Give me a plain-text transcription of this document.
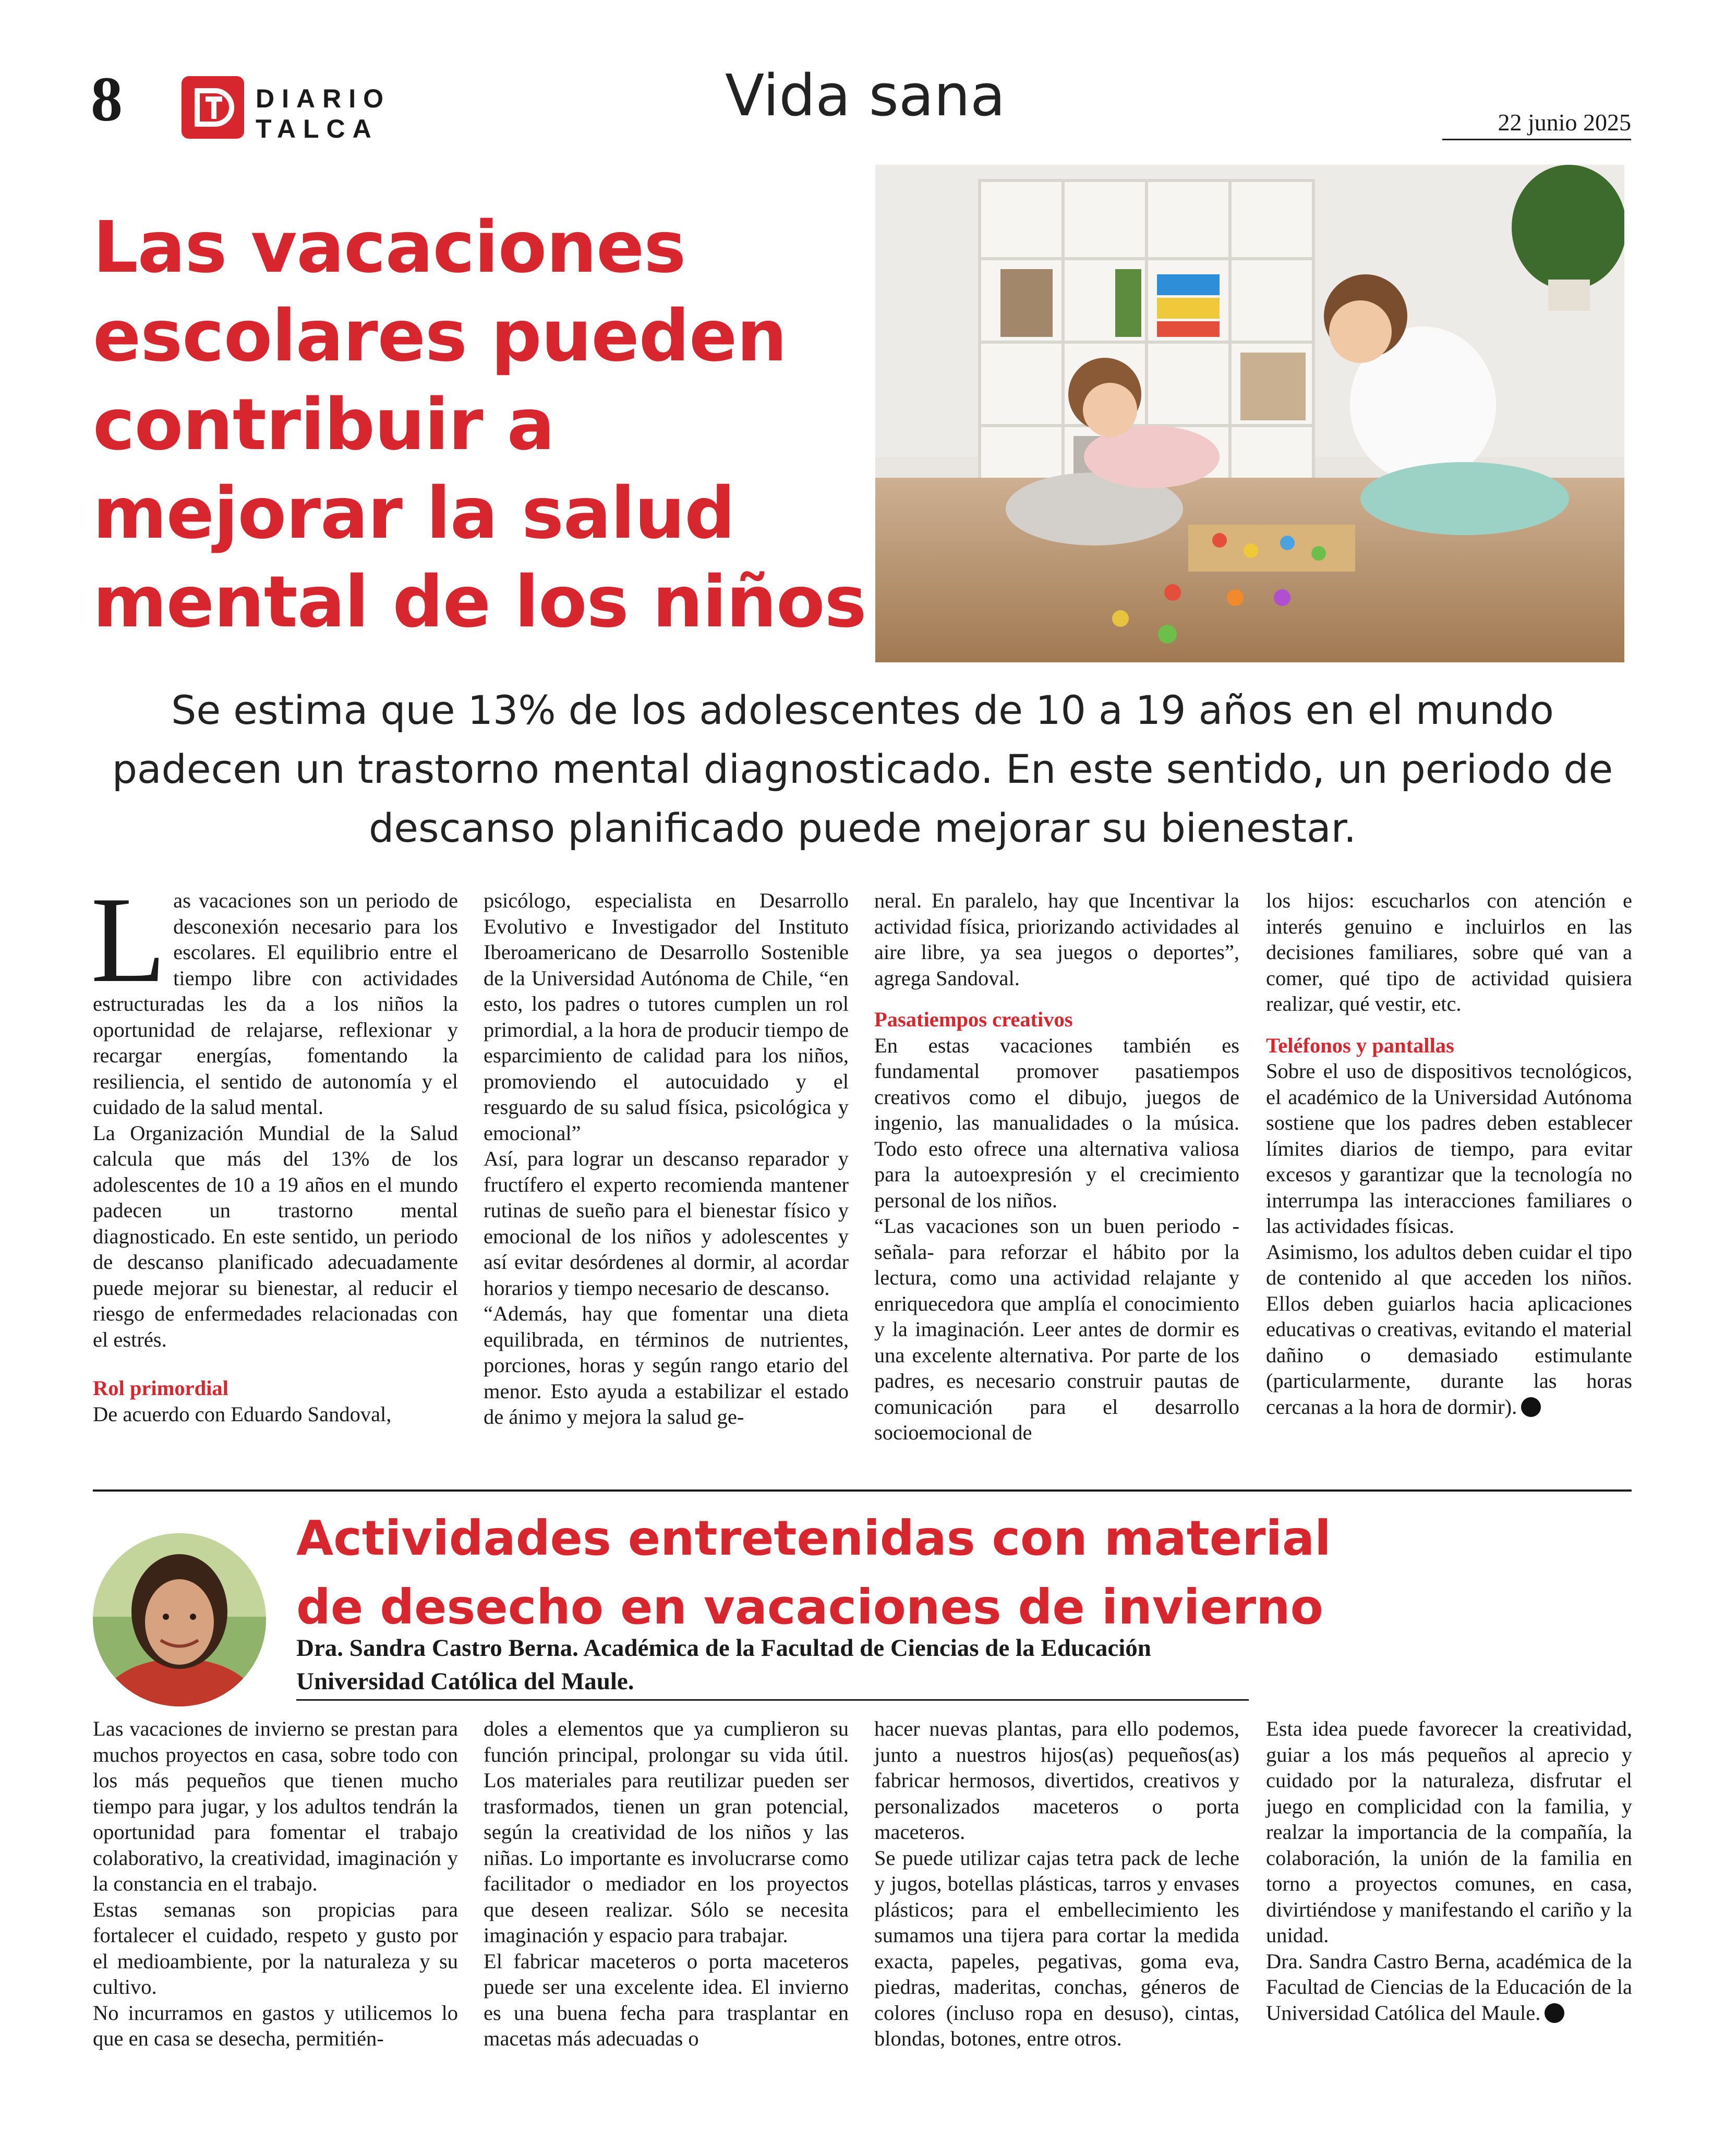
8	DIARIO
TALCA	Vida sana	22 junio 2025
Las vacaciones escolares pueden contribuir a mejorar la salud mental de los niños
Se estima que 13% de los adolescentes de 10 a 19 años en el mundo padecen un trastorno mental diagnosticado. En este sentido, un periodo de descanso planificado puede mejorar su bienestar.

Las vacaciones son un periodo de desconexión necesario para los escolares. El equilibrio entre el tiempo libre con actividades estructuradas les da a los niños la oportunidad de relajarse, reflexionar y recargar energías, fomentando la resiliencia, el sentido de autonomía y el cuidado de la salud mental.

La Organización Mundial de la Salud calcula que más del 13% de los adolescentes de 10 a 19 años en el mundo padecen un trastorno mental diagnosticado. En este sentido, un periodo de descanso planificado adecuadamente puede mejorar su bienestar, al reducir el riesgo de enfermedades relacionadas con el estrés.

Rol primordial

De acuerdo con Eduardo Sandoval,

psicólogo, especialista en Desarrollo Evolutivo e Investigador del Instituto Iberoamericano de Desarrollo Sostenible de la Universidad Autónoma de Chile, “en esto, los padres o tutores cumplen un rol primordial, a la hora de producir tiempo de esparcimiento de calidad para los niños, promoviendo el autocuidado y el resguardo de su salud física, psicológica y emocional”

Así, para lograr un descanso reparador y fructífero el experto recomienda mantener rutinas de sueño para el bienestar físico y emocional de los niños y adolescentes y así evitar desórdenes al dormir, al acordar horarios y tiempo necesario de descanso.

“Además, hay que fomentar una dieta equilibrada, en términos de nutrientes, porciones, horas y según rango etario del menor. Esto ayuda a estabilizar el estado de ánimo y mejora la salud ge-

neral. En paralelo, hay que Incentivar la actividad física, priorizando actividades al aire libre, ya sea juegos o deportes”, agrega Sandoval.

Pasatiempos creativos

En estas vacaciones también es fundamental promover pasatiempos creativos como el dibujo, juegos de ingenio, las manualidades o la música. Todo esto ofrece una alternativa valiosa para la autoexpresión y el crecimiento personal de los niños.

“Las vacaciones son un buen periodo -señala- para reforzar el hábito por la lectura, como una actividad relajante y enriquecedora que amplía el conocimiento y la imaginación. Leer antes de dormir es una excelente alternativa. Por parte de los padres, es necesario construir pautas de comunicación para el desarrollo socioemocional de

los hijos: escucharlos con atención e interés genuino e incluirlos en las decisiones familiares, sobre qué van a comer, qué tipo de actividad quisiera realizar, qué vestir, etc.

Teléfonos y pantallas

Sobre el uso de dispositivos tecnológicos, el académico de la Universidad Autónoma sostiene que los padres deben establecer límites diarios de tiempo, para evitar excesos y garantizar que la tecnología no interrumpa las interacciones familiares o las actividades físicas.

Asimismo, los adultos deben cuidar el tipo de contenido al que acceden los niños. Ellos deben guiarlos hacia aplicaciones educativas o creativas, evitando el material dañino o demasiado estimulante (particularmente, durante las horas cercanas a la hora de dormir).

Actividades entretenidas con material
de desecho en vacaciones de invierno
Dra. Sandra Castro Berna. Académica de la Facultad de Ciencias de la Educación
Universidad Católica del Maule.

Las vacaciones de invierno se prestan para muchos proyectos en casa, sobre todo con los más pequeños que tienen mucho tiempo para jugar, y los adultos tendrán la oportunidad para fomentar el trabajo colaborativo, la creatividad, imaginación y la constancia en el trabajo.

Estas semanas son propicias para fortalecer el cuidado, respeto y gusto por el medioambiente, por la naturaleza y su cultivo.

No incurramos en gastos y utilicemos lo que en casa se desecha, permitién-

doles a elementos que ya cumplieron su función principal, prolongar su vida útil. Los materiales para reutilizar pueden ser trasformados, tienen un gran potencial, según la creatividad de los niños y las niñas. Lo importante es involucrarse como facilitador o mediador en los proyectos que deseen realizar. Sólo se necesita imaginación y espacio para trabajar.

El fabricar maceteros o porta maceteros puede ser una excelente idea. El invierno es una buena fecha para trasplantar en macetas más adecuadas o

hacer nuevas plantas, para ello podemos, junto a nuestros hijos(as) pequeños(as) fabricar hermosos, divertidos, creativos y personalizados maceteros o porta maceteros.

Se puede utilizar cajas tetra pack de leche y jugos, botellas plásticas, tarros y envases plásticos; para el embellecimiento les sumamos una tijera para cortar la medida exacta, papeles, pegativas, goma eva, piedras, maderitas, conchas, géneros de colores (incluso ropa en desuso), cintas, blondas, botones, entre otros.

Esta idea puede favorecer la creatividad, guiar a los más pequeños al aprecio y cuidado por la naturaleza, disfrutar el juego en complicidad con la familia, y realzar la importancia de la compañía, la colaboración, la unión de la familia en torno a proyectos comunes, en casa, divirtiéndose y manifestando el cariño y la unidad.

Dra. Sandra Castro Berna, académica de la Facultad de Ciencias de la Educación de la Universidad Católica del Maule.
